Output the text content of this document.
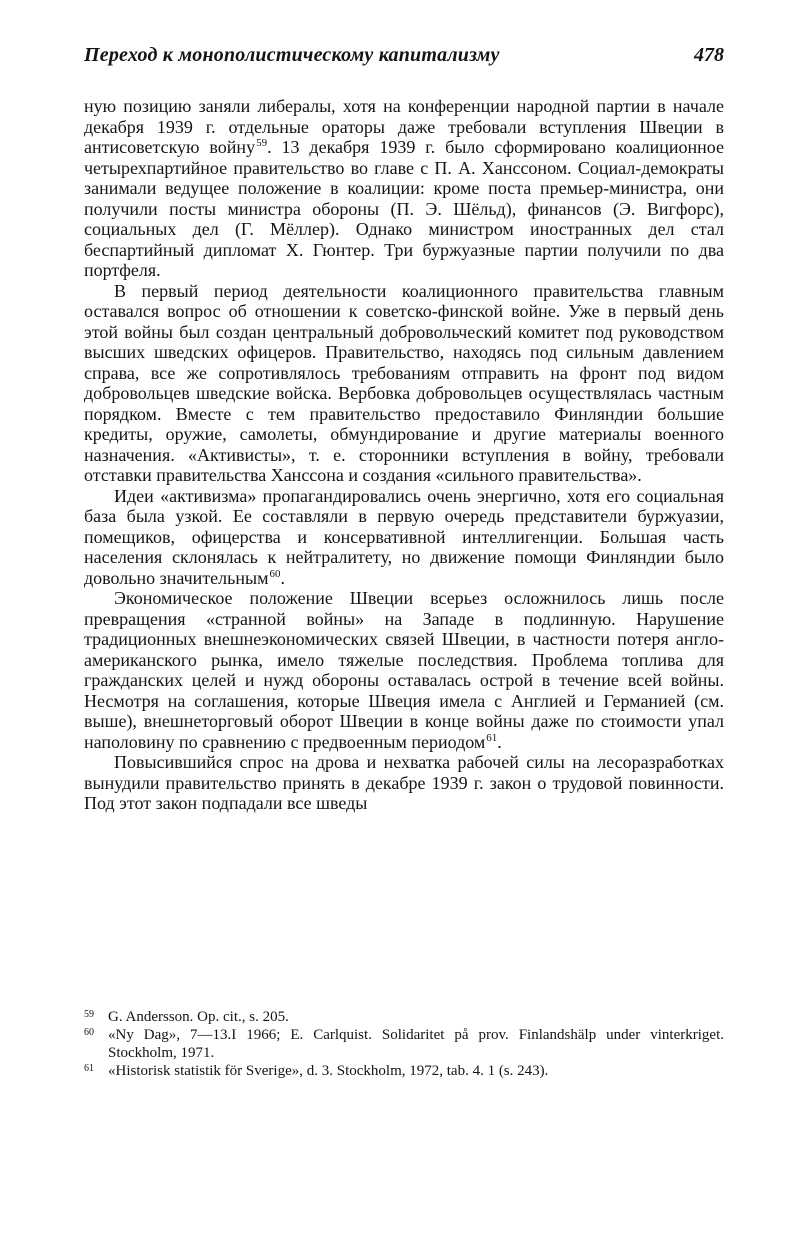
Переход к монополистическому капитализму	478

ную позицию заняли либералы, хотя на конференции народной партии в начале декабря 1939 г. отдельные ораторы даже требовали вступления Швеции в антисоветскую войну$^{59}$. 13 декабря 1939 г. было сформировано коалиционное четырехпартийное правительство во главе с П. А. Ханссоном. Социал-демократы занимали ведущее положение в коалиции: кроме поста премьер-министра, они получили посты министра обороны (П. Э. Шёльд), финансов (Э. Вигфорс), социальных дел (Г. Мёллер). Однако министром иностранных дел стал беспартийный дипломат Х. Гюнтер. Три буржуазные партии получили по два портфеля.

В первый период деятельности коалиционного правительства главным оставался вопрос об отношении к советско-финской войне. Уже в первый день этой войны был создан центральный добровольческий комитет под руководством высших шведских офицеров. Правительство, находясь под сильным давлением справа, все же сопротивлялось требованиям отправить на фронт под видом добровольцев шведские войска. Вербовка добровольцев осуществлялась частным порядком. Вместе с тем правительство предоставило Финляндии большие кредиты, оружие, самолеты, обмундирование и другие материалы военного назначения. «Активисты», т. е. сторонники вступления в войну, требовали отставки правительства Ханссона и создания «сильного правительства».

Идеи «активизма» пропагандировались очень энергично, хотя его социальная база была узкой. Ее составляли в первую очередь представители буржуазии, помещиков, офицерства и консервативной интеллигенции. Большая часть населения склонялась к нейтралитету, но движение помощи Финляндии было довольно значительным$^{60}$.

Экономическое положение Швеции всерьез осложнилось лишь после превращения «странной войны» на Западе в подлинную. Нарушение традиционных внешнеэкономических связей Швеции, в частности потеря англо-американского рынка, имело тяжелые последствия. Проблема топлива для гражданских целей и нужд обороны оставалась острой в течение всей войны. Несмотря на соглашения, которые Швеция имела с Англией и Германией (см. выше), внешнеторговый оборот Швеции в конце войны даже по стоимости упал наполовину по сравнению с предвоенным периодом$^{61}$.

Повысившийся спрос на дрова и нехватка рабочей силы на лесоразработках вынудили правительство принять в декабре 1939 г. закон о трудовой повинности. Под этот закон подпадали все шведы

59 G. Andersson. Op. cit., s. 205.

60 «Ny Dag», 7—13.I 1966; E. Carlquist. Solidaritet på prov. Finlandshälp under vinterkriget. Stockholm, 1971.

61 «Historisk statistik för Sverige», d. 3. Stockholm, 1972, tab. 4. 1 (s. 243).
